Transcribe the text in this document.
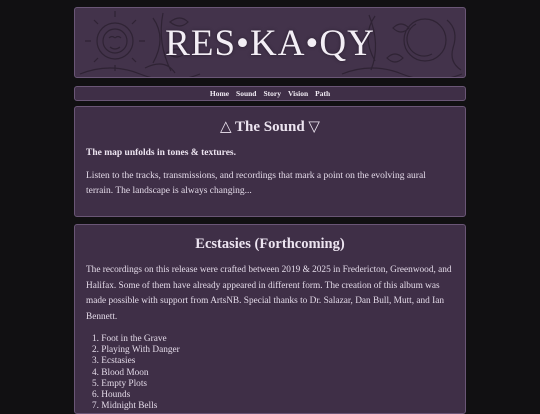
RES•KA•QY
Home Sound Story Vision Path
△ The Sound ▽

The map unfolds in tones & textures.

Listen to the tracks, transmissions, and recordings that mark a point on the evolving aural terrain. The landscape is always changing...

Ecstasies (Forthcoming)

The recordings on this release were crafted between 2019 & 2025 in Fredericton, Greenwood, and Halifax. Some of them have already appeared in different form. The creation of this album was made possible with support from ArtsNB. Special thanks to Dr. Salazar, Dan Bull, Mutt, and Ian Bennett.

1. Foot in the Grave
2. Playing With Danger
3. Ecstasies
4. Blood Moon
5. Empty Plots
6. Hounds
7. Midnight Bells
